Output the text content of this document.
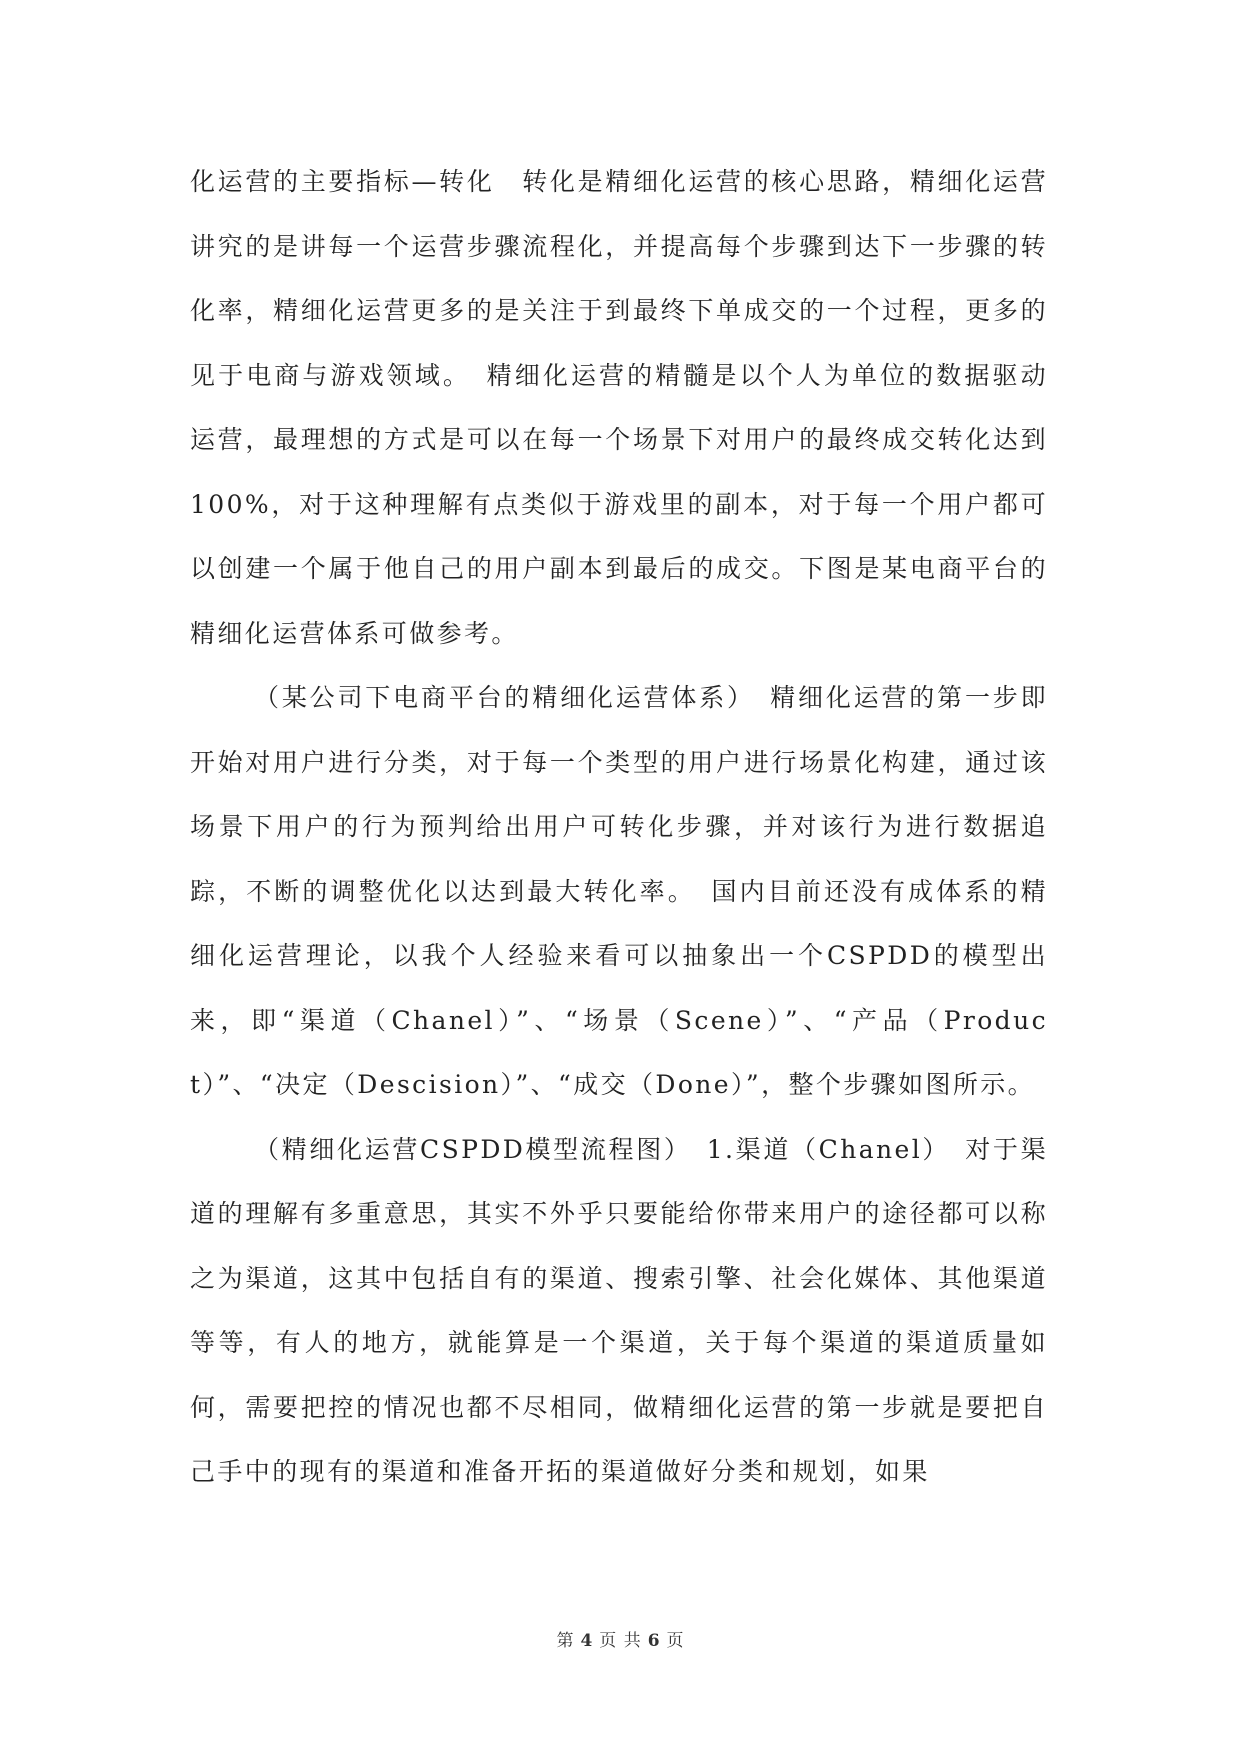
化运营的主要指标—转化　转化是精细化运营的核心思路，精细化运营讲究的是讲每一个运营步骤流程化，并提高每个步骤到达下一步骤的转化率，精细化运营更多的是关注于到最终下单成交的一个过程，更多的见于电商与游戏领域。　精细化运营的精髓是以个人为单位的数据驱动运营，最理想的方式是可以在每一个场景下对用户的最终成交转化达到100%，对于这种理解有点类似于游戏里的副本，对于每一个用户都可以创建一个属于他自己的用户副本到最后的成交。下图是某电商平台的精细化运营体系可做参考。

（某公司下电商平台的精细化运营体系）　精细化运营的第一步即开始对用户进行分类，对于每一个类型的用户进行场景化构建，通过该场景下用户的行为预判给出用户可转化步骤，并对该行为进行数据追踪，不断的调整优化以达到最大转化率。　国内目前还没有成体系的精细化运营理论，以我个人经验来看可以抽象出一个CSPDD的模型出来，即“渠道（Chanel）”、“场景（Scene）”、“产品（Product）”、“决定（Descision）”、“成交（Done）”，整个步骤如图所示。

（精细化运营CSPDD模型流程图）　1.渠道（Chanel）　对于渠道的理解有多重意思，其实不外乎只要能给你带来用户的途径都可以称之为渠道，这其中包括自有的渠道、搜索引擎、社会化媒体、其他渠道等等，有人的地方，就能算是一个渠道，关于每个渠道的渠道质量如何，需要把控的情况也都不尽相同，做精细化运营的第一步就是要把自己手中的现有的渠道和准备开拓的渠道做好分类和规划，如果

第 4 页 共 6 页
